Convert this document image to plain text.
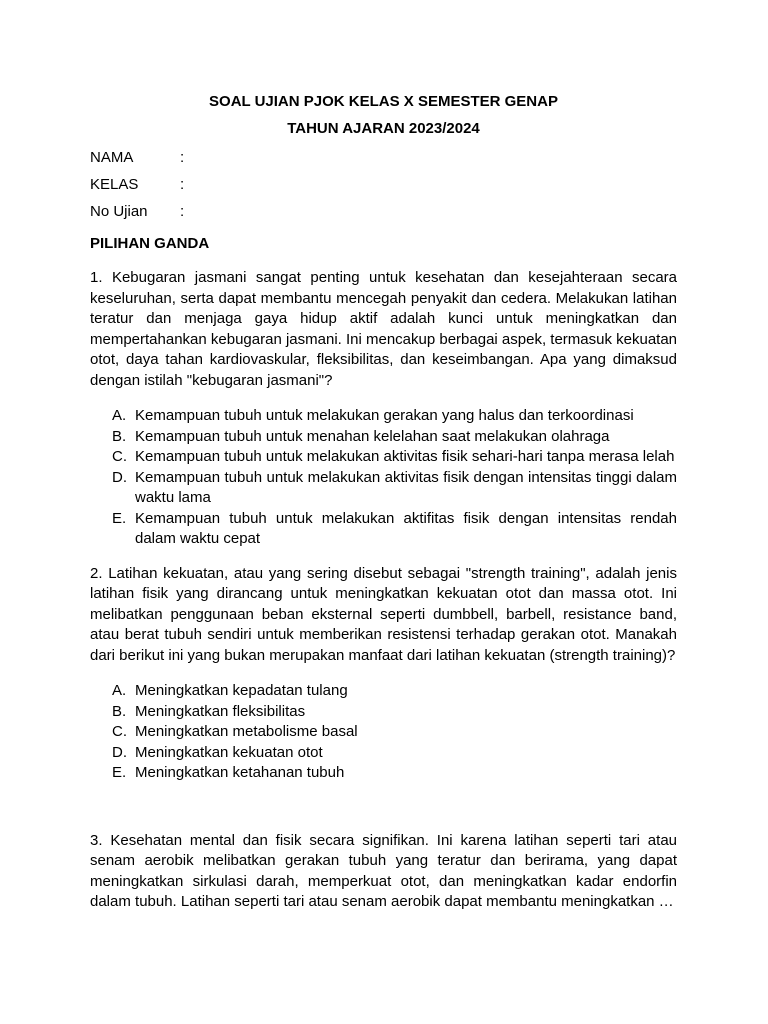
SOAL UJIAN PJOK KELAS X SEMESTER GENAP

TAHUN AJARAN 2023/2024

NAMA	:
KELAS	:
No Ujian	:

PILIHAN GANDA

1. Kebugaran jasmani sangat penting untuk kesehatan dan kesejahteraan secara keseluruhan, serta dapat membantu mencegah penyakit dan cedera. Melakukan latihan teratur dan menjaga gaya hidup aktif adalah kunci untuk meningkatkan dan mempertahankan kebugaran jasmani. Ini mencakup berbagai aspek, termasuk kekuatan otot, daya tahan kardiovaskular, fleksibilitas, dan keseimbangan. Apa yang dimaksud dengan istilah "kebugaran jasmani"?

A. Kemampuan tubuh untuk melakukan gerakan yang halus dan terkoordinasi
B. Kemampuan tubuh untuk menahan kelelahan saat melakukan olahraga
C. Kemampuan tubuh untuk melakukan aktivitas fisik sehari-hari tanpa merasa lelah
D. Kemampuan tubuh untuk melakukan aktivitas fisik dengan intensitas tinggi dalam waktu lama
E. Kemampuan tubuh untuk melakukan aktifitas fisik dengan intensitas rendah dalam waktu cepat

2. Latihan kekuatan, atau yang sering disebut sebagai "strength training", adalah jenis latihan fisik yang dirancang untuk meningkatkan kekuatan otot dan massa otot. Ini melibatkan penggunaan beban eksternal seperti dumbbell, barbell, resistance band, atau berat tubuh sendiri untuk memberikan resistensi terhadap gerakan otot. Manakah dari berikut ini yang bukan merupakan manfaat dari latihan kekuatan (strength training)?

A. Meningkatkan kepadatan tulang
B. Meningkatkan fleksibilitas
C. Meningkatkan metabolisme basal
D. Meningkatkan kekuatan otot
E. Meningkatkan ketahanan tubuh

3. Kesehatan mental dan fisik secara signifikan. Ini karena latihan seperti tari atau senam aerobik melibatkan gerakan tubuh yang teratur dan berirama, yang dapat meningkatkan sirkulasi darah, memperkuat otot, dan meningkatkan kadar endorfin dalam tubuh. Latihan seperti tari atau senam aerobik dapat membantu meningkatkan …
